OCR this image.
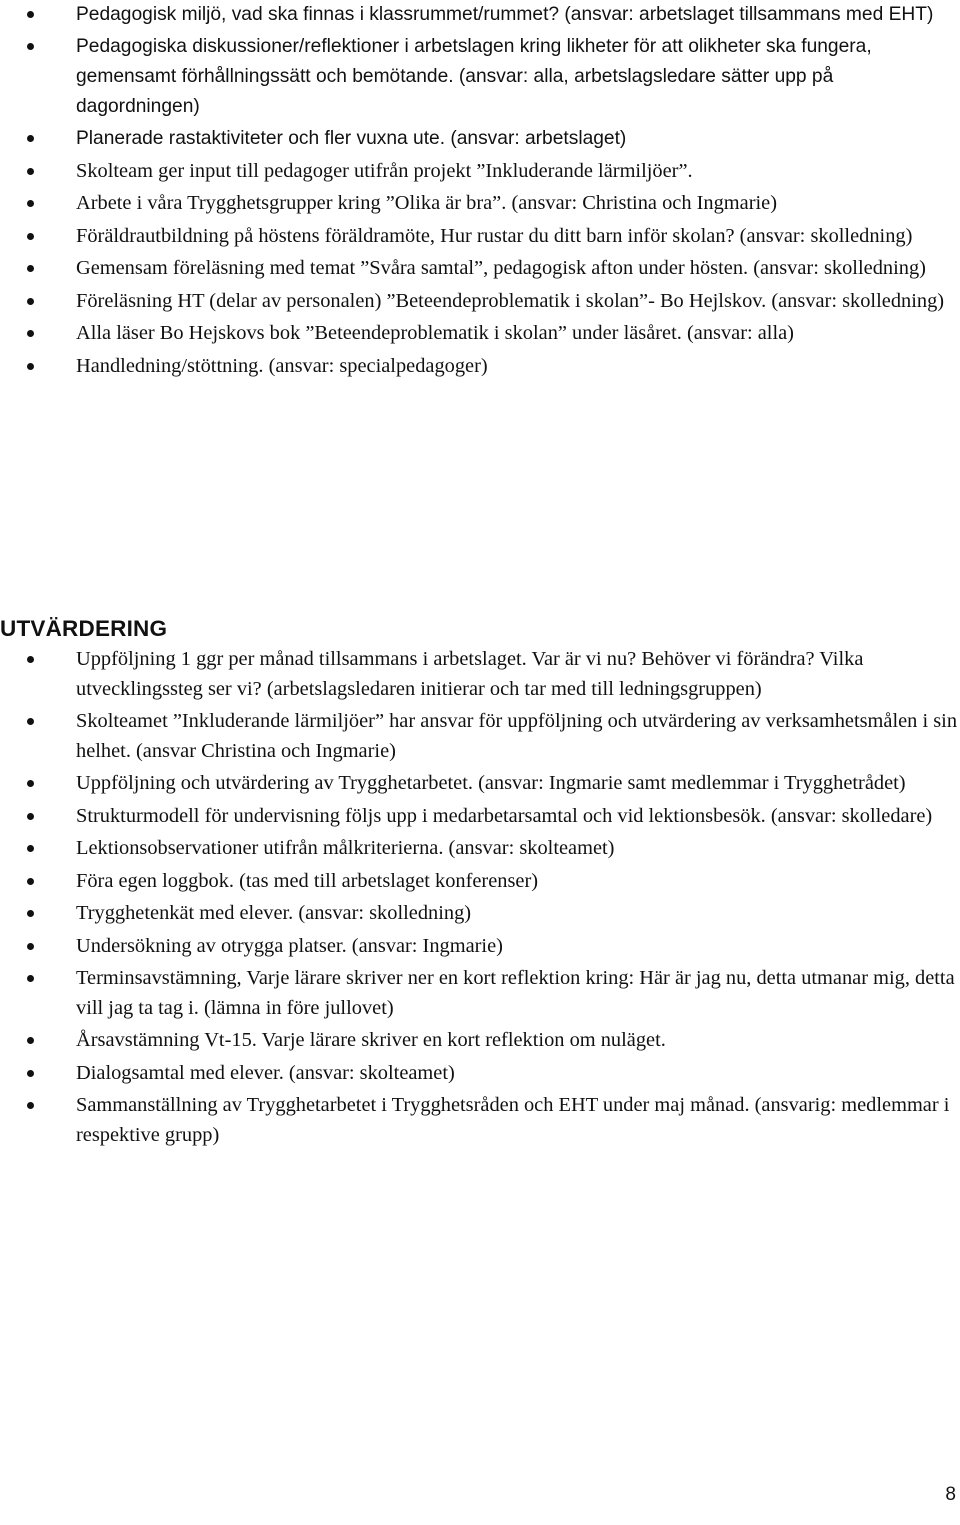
Pedagogisk miljö, vad ska finnas i klassrummet/rummet? (ansvar: arbetslaget tillsammans med EHT)
Pedagogiska diskussioner/reflektioner i arbetslagen kring likheter för att olikheter ska fungera, gemensamt förhållningssätt och bemötande. (ansvar: alla, arbetslagsledare sätter upp på dagordningen)
Planerade rastaktiviteter och fler vuxna ute. (ansvar: arbetslaget)
Skolteam ger input till pedagoger utifrån projekt ”Inkluderande lärmiljöer”.
Arbete i våra Trygghetsgrupper kring ”Olika är bra”. (ansvar: Christina och Ingmarie)
Föräldrautbildning på höstens föräldramöte, Hur rustar du ditt barn inför skolan? (ansvar: skolledning)
Gemensam föreläsning med temat ”Svåra samtal”, pedagogisk afton under hösten. (ansvar: skolledning)
Föreläsning HT (delar av personalen) ”Beteendeproblematik i skolan”- Bo Hejlskov. (ansvar: skolledning)
Alla läser Bo Hejskovs bok ”Beteendeproblematik i skolan” under läsåret. (ansvar: alla)
Handledning/stöttning. (ansvar: specialpedagoger)
UTVÄRDERING
Uppföljning 1 ggr per månad tillsammans i arbetslaget. Var är vi nu? Behöver vi förändra? Vilka utvecklingssteg ser vi? (arbetslagsledaren initierar och tar med till ledningsgruppen)
Skolteamet ”Inkluderande lärmiljöer” har ansvar för uppföljning och utvärdering av verksamhetsmålen i sin helhet. (ansvar Christina och Ingmarie)
Uppföljning och utvärdering av Trygghetarbetet. (ansvar: Ingmarie samt medlemmar i Trygghetrådet)
Strukturmodell för undervisning följs upp i medarbetarsamtal och vid lektionsbesök. (ansvar: skolledare)
Lektionsobservationer utifrån målkriterierna. (ansvar: skolteamet)
Föra egen loggbok. (tas med till arbetslaget konferenser)
Trygghetenkät med elever. (ansvar: skolledning)
Undersökning av otrygga platser. (ansvar: Ingmarie)
Terminsavstämning, Varje lärare skriver ner en kort reflektion kring: Här är jag nu, detta utmanar mig, detta vill jag ta tag i. (lämna in före jullovet)
Årsavstämning Vt-15. Varje lärare skriver en kort reflektion om nuläget.
Dialogsamtal med elever. (ansvar: skolteamet)
Sammanställning av Trygghetarbetet i Trygghetsråden och EHT under maj månad. (ansvarig: medlemmar i respektive grupp)
8
